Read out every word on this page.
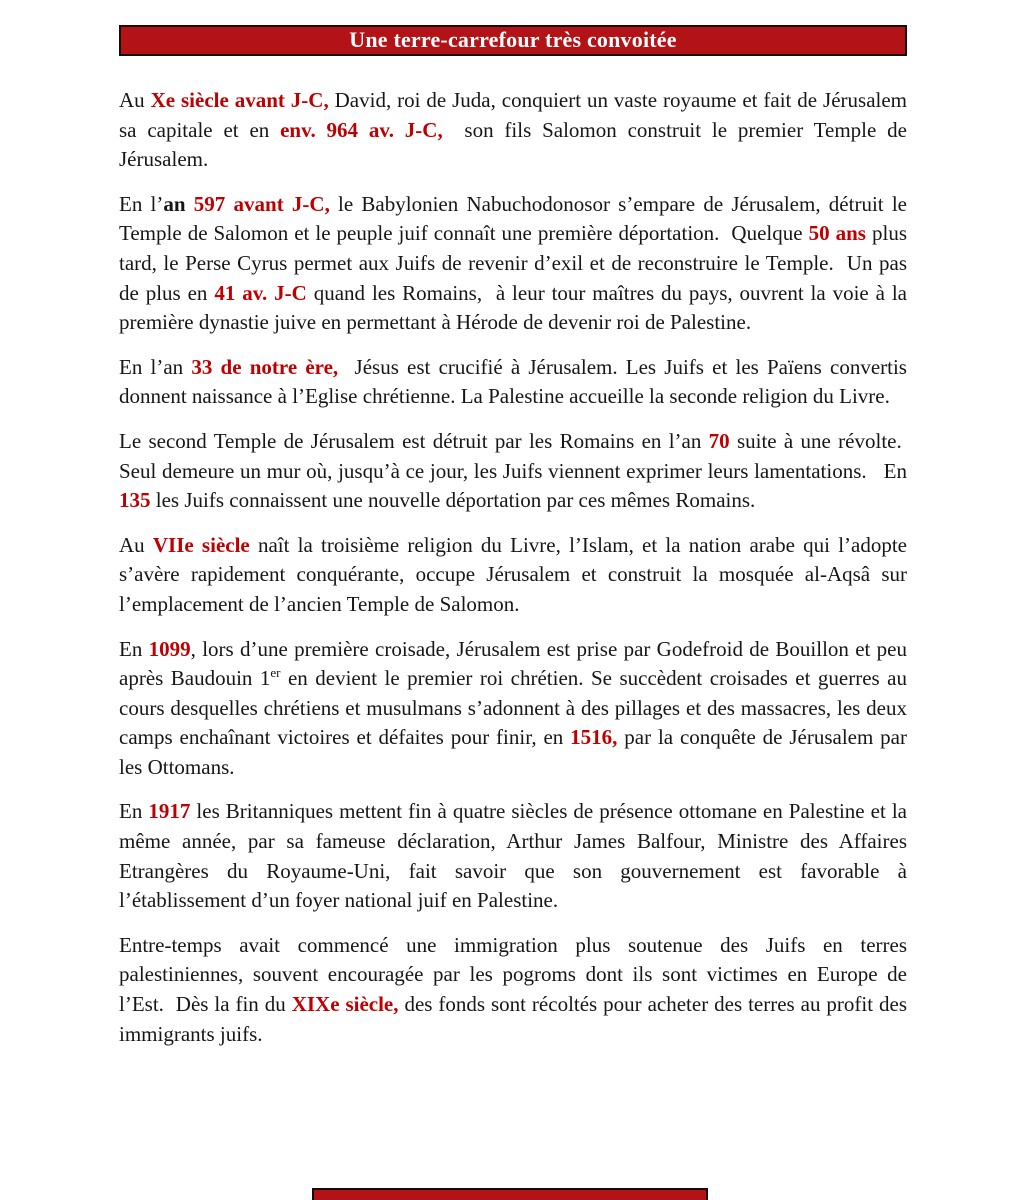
Une terre-carrefour très convoitée

Au Xe siècle avant J-C, David, roi de Juda, conquiert un vaste royaume et fait de Jérusalem sa capitale et en env. 964 av. J-C,  son fils Salomon construit le premier Temple de Jérusalem.

En l’an 597 avant J-C, le Babylonien Nabuchodonosor s’empare de Jérusalem, détruit le Temple de Salomon et le peuple juif connaît une première déportation.  Quelque 50 ans plus tard, le Perse Cyrus permet aux Juifs de revenir d’exil et de reconstruire le Temple.  Un pas de plus en 41 av. J-C quand les Romains,  à leur tour maîtres du pays, ouvrent la voie à la première dynastie juive en permettant à Hérode de devenir roi de Palestine.

En l’an 33 de notre ère,  Jésus est crucifié à Jérusalem. Les Juifs et les Païens convertis donnent naissance à l’Eglise chrétienne. La Palestine accueille la seconde religion du Livre.

Le second Temple de Jérusalem est détruit par les Romains en l’an 70 suite à une révolte.  Seul demeure un mur où, jusqu’à ce jour, les Juifs viennent exprimer leurs lamentations.   En 135 les Juifs connaissent une nouvelle déportation par ces mêmes Romains.

Au VIIe siècle naît la troisième religion du Livre, l’Islam, et la nation arabe qui l’adopte s’avère rapidement conquérante, occupe Jérusalem et construit la mosquée al-Aqsâ sur l’emplacement de l’ancien Temple de Salomon.

En 1099, lors d’une première croisade, Jérusalem est prise par Godefroid de Bouillon et peu après Baudouin 1er en devient le premier roi chrétien. Se succèdent croisades et guerres au cours desquelles chrétiens et musulmans s’adonnent à des pillages et des massacres, les deux camps enchaînant victoires et défaites pour finir, en 1516, par la conquête de Jérusalem par les Ottomans.

En 1917 les Britanniques mettent fin à quatre siècles de présence ottomane en Palestine et la même année, par sa fameuse déclaration, Arthur James Balfour, Ministre des Affaires Etrangères du Royaume-Uni, fait savoir que son gouvernement est favorable à l’établissement d’un foyer national juif en Palestine.

Entre-temps avait commencé une immigration plus soutenue des Juifs en terres palestiniennes, souvent encouragée par les pogroms dont ils sont victimes en Europe de l’Est.  Dès la fin du XIXe siècle, des fonds sont récoltés pour acheter des terres au profit des immigrants juifs.
